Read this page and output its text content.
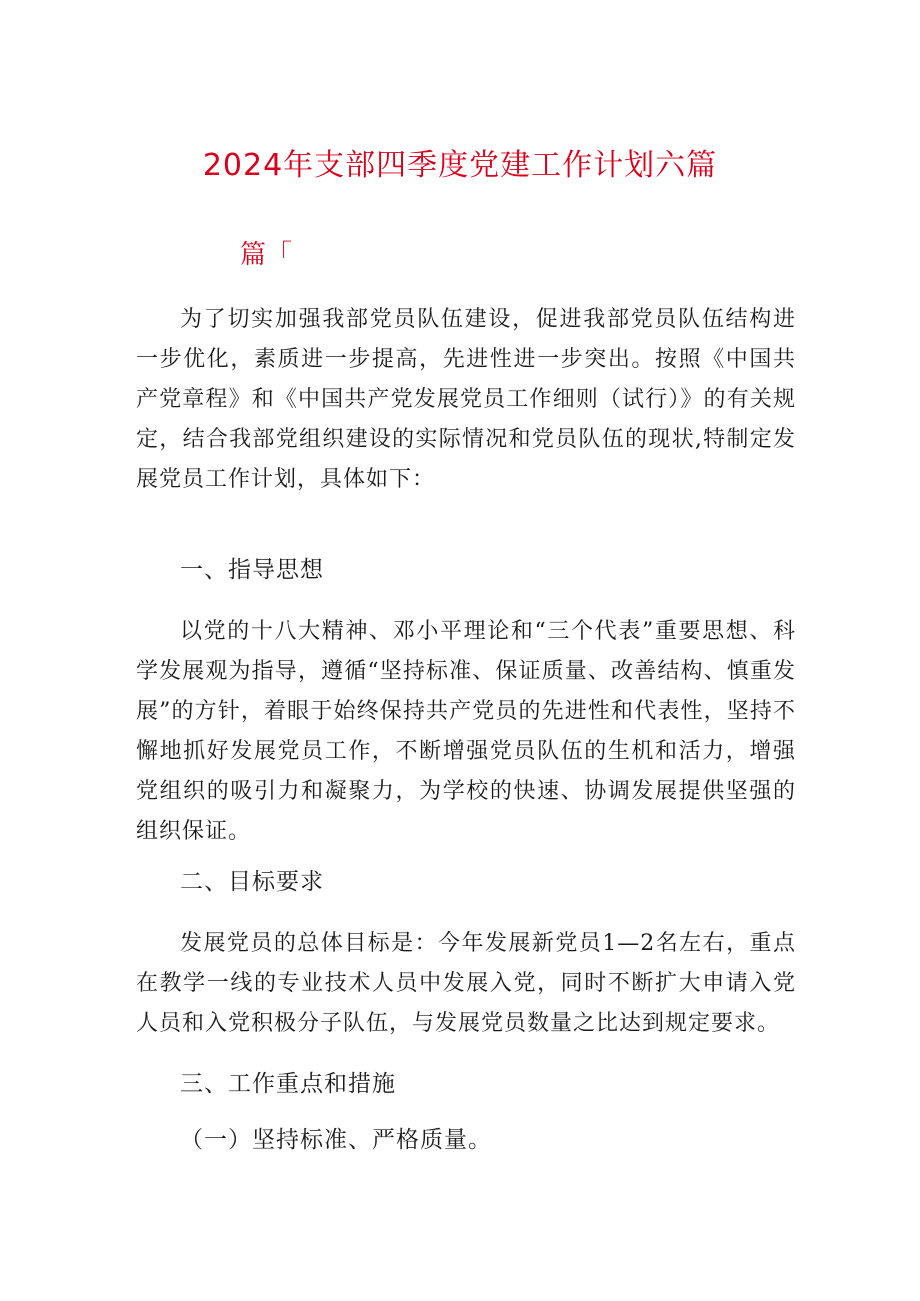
2024年支部四季度党建工作计划六篇
篇「
为了切实加强我部党员队伍建设，促进我部党员队伍结构进一步优化，素质进一步提高，先进性进一步突出。按照《中国共产党章程》和《中国共产党发展党员工作细则（试行）》的有关规定，结合我部党组织建设的实际情况和党员队伍的现状,特制定发展党员工作计划，具体如下：
一、指导思想
以党的十八大精神、邓小平理论和“三个代表”重要思想、科学发展观为指导，遵循“坚持标准、保证质量、改善结构、慎重发展”的方针，着眼于始终保持共产党员的先进性和代表性，坚持不懈地抓好发展党员工作，不断增强党员队伍的生机和活力，增强党组织的吸引力和凝聚力，为学校的快速、协调发展提供坚强的组织保证。
二、目标要求
发展党员的总体目标是：今年发展新党员1—2名左右，重点在教学一线的专业技术人员中发展入党，同时不断扩大申请入党人员和入党积极分子队伍，与发展党员数量之比达到规定要求。
三、工作重点和措施
（一）坚持标准、严格质量。
